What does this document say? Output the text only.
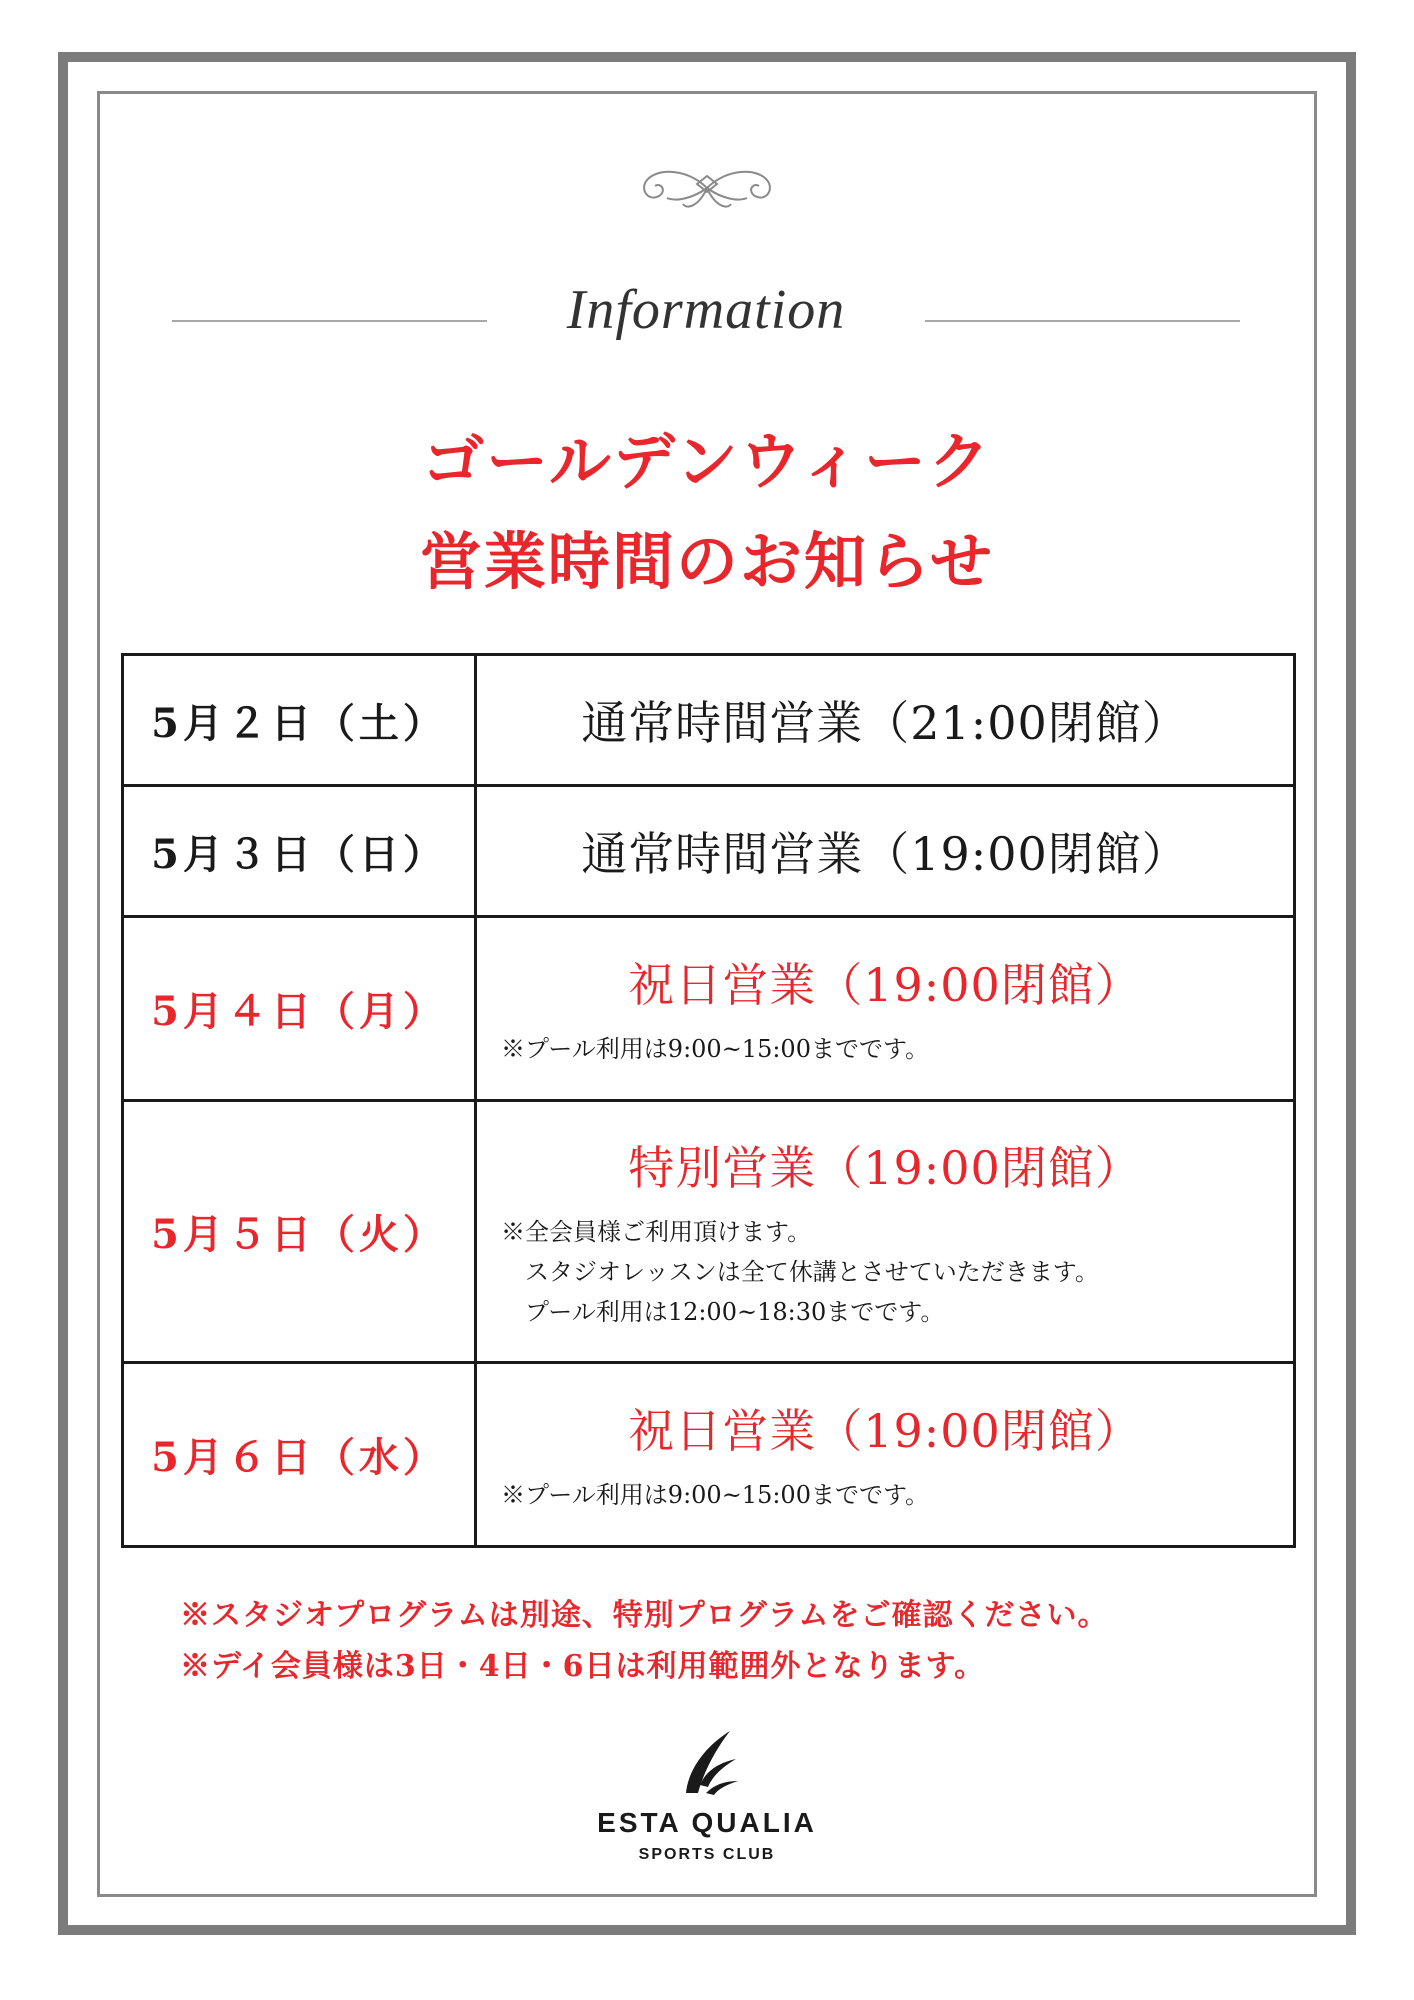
Information
ゴールデンウィーク
営業時間のお知らせ
5月２日（土）	通常時間営業（21:00閉館）

5月３日（日）	通常時間営業（19:00閉館）

5月４日（月）	祝日営業（19:00閉館）
※プール利用は9:00~15:00までです。

5月５日（火）	特別営業（19:00閉館）
※全会員様ご利用頂けます。
スタジオレッスンは全て休講とさせていただきます。
プール利用は12:00~18:30までです。

5月６日（水）	祝日営業（19:00閉館）
※プール利用は9:00~15:00までです。
※スタジオプログラムは別途、特別プログラムをご確認ください。
※デイ会員様は3日・4日・6日は利用範囲外となります。
ESTA QUALIA
SPORTS CLUB
